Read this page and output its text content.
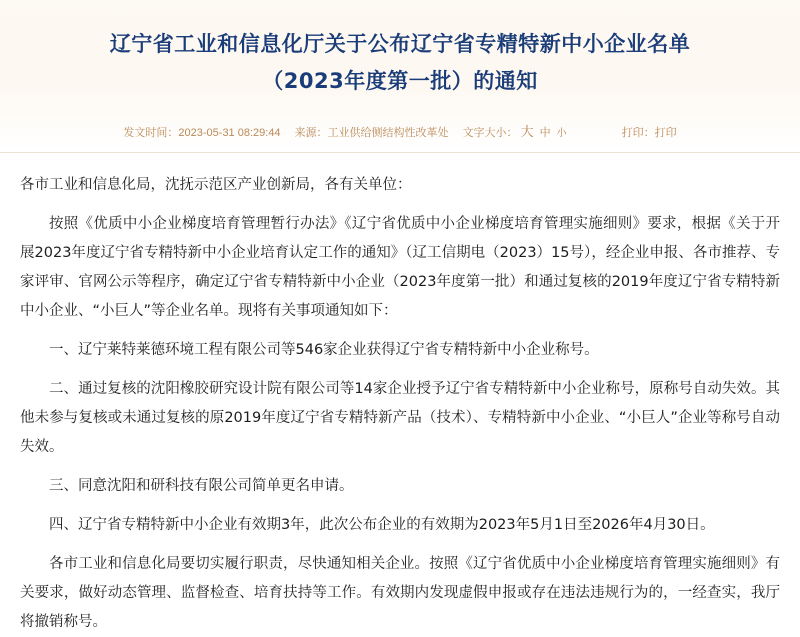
辽宁省工业和信息化厅关于公布辽宁省专精特新中小企业名单
（2023年度第一批）的通知
发文时间：2023-05-31 08:29:44 来源：工业供给侧结构性改革处 文字大小： 大 中 小	打印：打印

各市工业和信息化局，沈抚示范区产业创新局，各有关单位：

按照《优质中小企业梯度培育管理暂行办法》《辽宁省优质中小企业梯度培育管理实施细则》要求，根据《关于开展2023年度辽宁省专精特新中小企业培育认定工作的通知》（辽工信期电（2023）15号），经企业申报、各市推荐、专家评审、官网公示等程序，确定辽宁省专精特新中小企业（2023年度第一批）和通过复核的2019年度辽宁省专精特新中小企业、“小巨人”等企业名单。现将有关事项通知如下：

一、辽宁莱特莱德环境工程有限公司等546家企业获得辽宁省专精特新中小企业称号。

二、通过复核的沈阳橡胶研究设计院有限公司等14家企业授予辽宁省专精特新中小企业称号，原称号自动失效。其他未参与复核或未通过复核的原2019年度辽宁省专精特新产品（技术）、专精特新中小企业、“小巨人”企业等称号自动失效。

三、同意沈阳和研科技有限公司简单更名申请。

四、辽宁省专精特新中小企业有效期3年，此次公布企业的有效期为2023年5月1日至2026年4月30日。

各市工业和信息化局要切实履行职责，尽快通知相关企业。按照《辽宁省优质中小企业梯度培育管理实施细则》有关要求，做好动态管理、监督检查、培育扶持等工作。有效期内发现虚假申报或存在违法违规行为的，一经查实，我厅将撤销称号。
